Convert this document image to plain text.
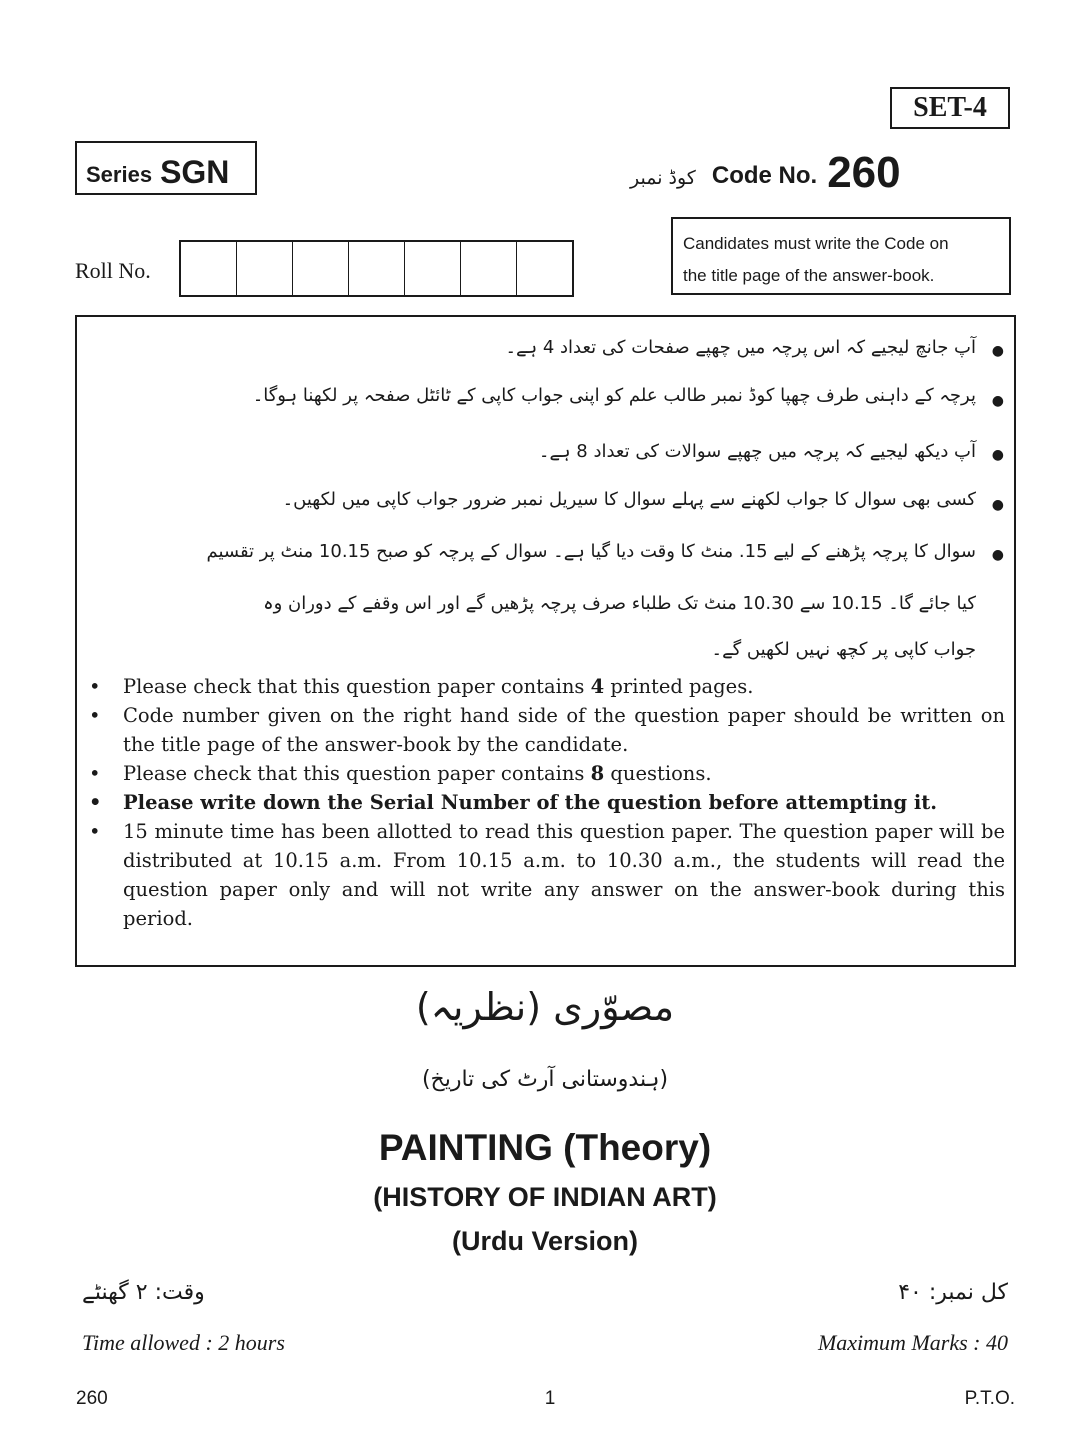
SET-4
Series SGN	کوڈ نمبر Code No. 260
Roll No.
Candidates must write the Code on
the title page of the answer-book.
●
آپ جانچ لیجیے کہ اس پرچہ میں چھپے صفحات کی تعداد 4 ہے۔
●
پرچہ کے داہنی طرف چھپا کوڈ نمبر طالب علم کو اپنی جواب کاپی کے ٹائٹل صفحہ پر لکھنا ہوگا۔
●
آپ دیکھ لیجیے کہ پرچہ میں چھپے سوالات کی تعداد 8 ہے۔
●
کسی بھی سوال کا جواب لکھنے سے پہلے سوال کا سیریل نمبر ضرور جواب کاپی میں لکھیں۔
●
سوال کا پرچہ پڑھنے کے لیے 15. منٹ کا وقت دیا گیا ہے۔ سوال کے پرچہ کو صبح 10.15 منٹ پر تقسیم
کیا جائے گا۔ 10.15 سے 10.30 منٹ تک طلباء صرف پرچہ پڑھیں گے اور اس وقفے کے دوران وہ
جواب کاپی پر کچھ نہیں لکھیں گے۔
• Please check that this question paper contains 4 printed pages.
• Code number given on the right hand side of the question paper should be written on the title page of the answer-book by the candidate.
• Please check that this question paper contains 8 questions.
• Please write down the Serial Number of the question before attempting it.
• 15 minute time has been allotted to read this question paper. The question paper will be distributed at 10.15 a.m. From 10.15 a.m. to 10.30 a.m., the students will read the question paper only and will not write any answer on the answer-book during this period.
مصوّری (نظریہ)
(ہندوستانی آرٹ کی تاریخ)
PAINTING (Theory)
(HISTORY OF INDIAN ART)
(Urdu Version)
وقت: ۲ گھنٹے	کل نمبر: ۴۰
Time allowed : 2 hours	Maximum Marks : 40
260	1	P.T.O.
